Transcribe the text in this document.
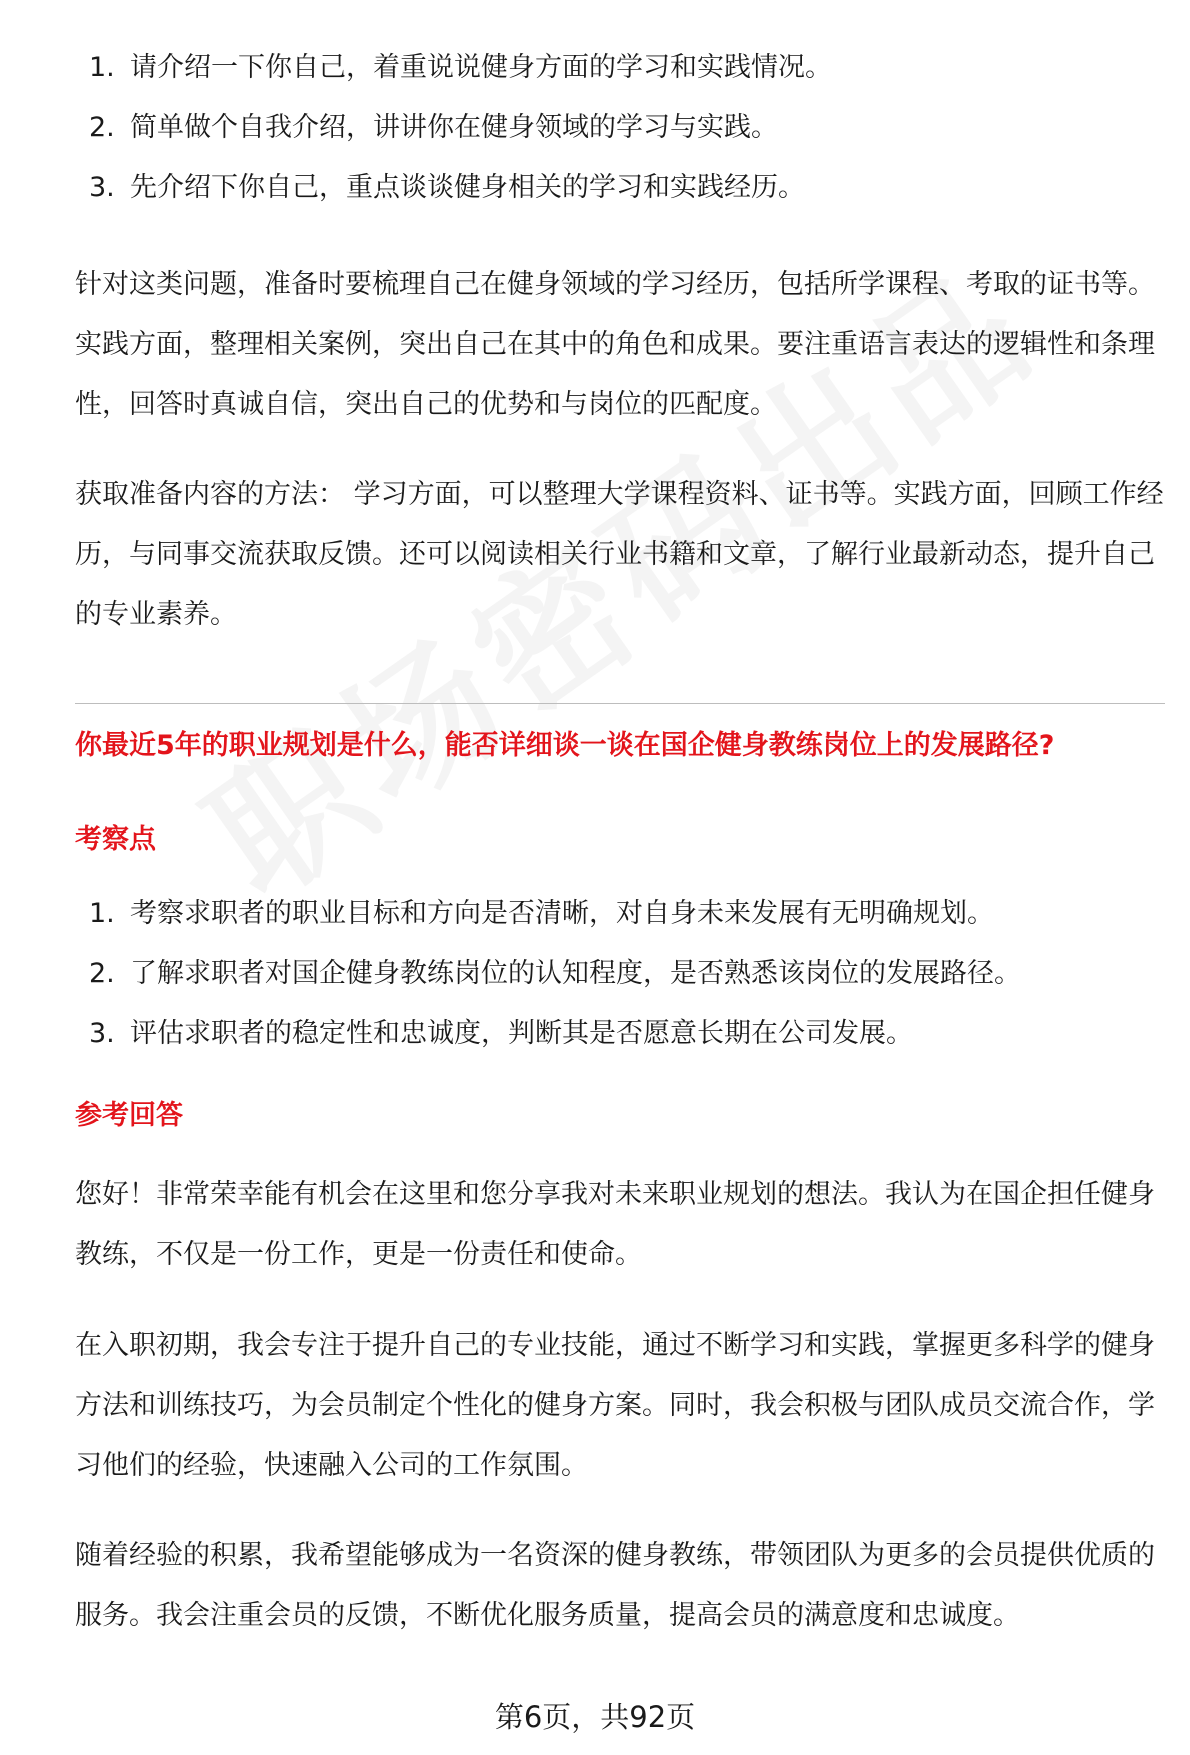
1. 请介绍一下你自己，着重说说健身方面的学习和实践情况。
2. 简单做个自我介绍，讲讲你在健身领域的学习与实践。
3. 先介绍下你自己，重点谈谈健身相关的学习和实践经历。

针对这类问题，准备时要梳理自己在健身领域的学习经历，包括所学课程、考取的证书等。实践方面，整理相关案例，突出自己在其中的角色和成果。要注重语言表达的逻辑性和条理性，回答时真诚自信，突出自己的优势和与岗位的匹配度。

获取准备内容的方法： 学习方面，可以整理大学课程资料、证书等。实践方面，回顾工作经历，与同事交流获取反馈。还可以阅读相关行业书籍和文章，了解行业最新动态，提升自己的专业素养。

你最近5年的职业规划是什么，能否详细谈一谈在国企健身教练岗位上的发展路径?

考察点

1. 考察求职者的职业目标和方向是否清晰，对自身未来发展有无明确规划。
2. 了解求职者对国企健身教练岗位的认知程度，是否熟悉该岗位的发展路径。
3. 评估求职者的稳定性和忠诚度，判断其是否愿意长期在公司发展。

参考回答

您好！非常荣幸能有机会在这里和您分享我对未来职业规划的想法。我认为在国企担任健身教练，不仅是一份工作，更是一份责任和使命。

在入职初期，我会专注于提升自己的专业技能，通过不断学习和实践，掌握更多科学的健身方法和训练技巧，为会员制定个性化的健身方案。同时，我会积极与团队成员交流合作，学习他们的经验，快速融入公司的工作氛围。

随着经验的积累，我希望能够成为一名资深的健身教练，带领团队为更多的会员提供优质的服务。我会注重会员的反馈，不断优化服务质量，提高会员的满意度和忠诚度。

第6页，共92页
